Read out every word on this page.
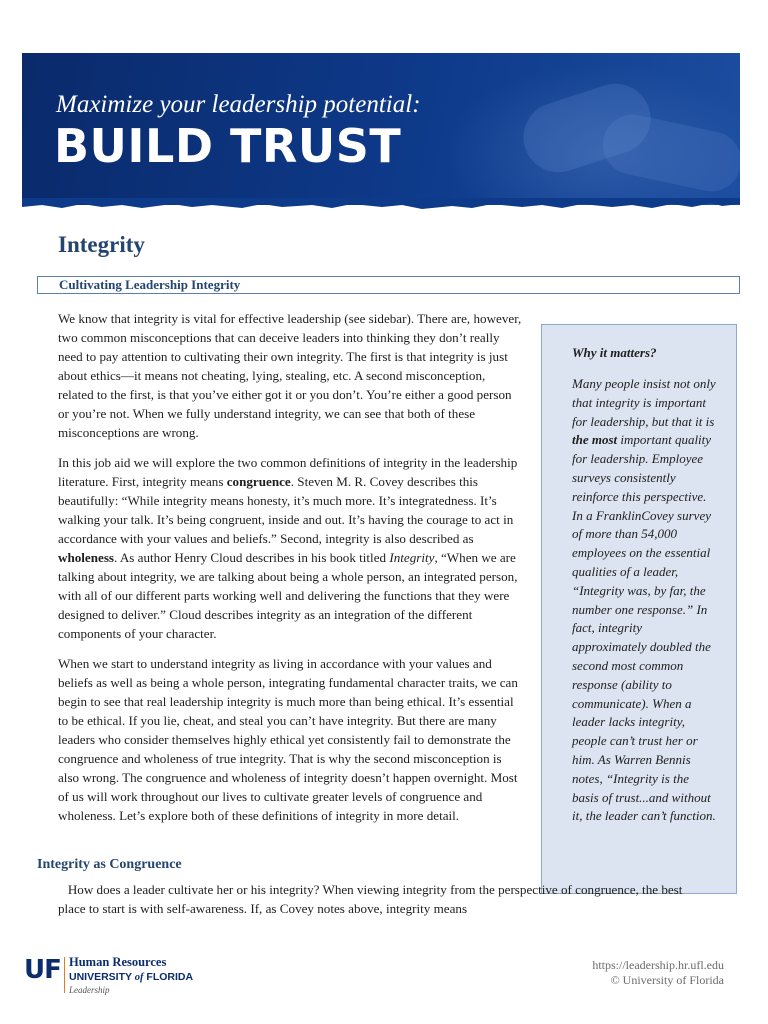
Maximize your leadership potential:
BUILD TRUST
Integrity
Cultivating Leadership Integrity

We know that integrity is vital for effective leadership (see sidebar). There are, however, two common misconceptions that can deceive leaders into thinking they don’t really need to pay attention to cultivating their own integrity. The first is that integrity is just about ethics—it means not cheating, lying, stealing, etc. A second misconception, related to the first, is that you’ve either got it or you don’t. You’re either a good person or you’re not. When we fully understand integrity, we can see that both of these misconceptions are wrong.

In this job aid we will explore the two common definitions of integrity in the leadership literature. First, integrity means congruence. Steven M. R. Covey describes this beautifully: “While integrity means honesty, it’s much more. It’s integratedness. It’s walking your talk. It’s being congruent, inside and out. It’s having the courage to act in accordance with your values and beliefs.” Second, integrity is also described as wholeness. As author Henry Cloud describes in his book titled Integrity, “When we are talking about integrity, we are talking about being a whole person, an integrated person, with all of our different parts working well and delivering the functions that they were designed to deliver.” Cloud describes integrity as an integration of the different components of your character.

When we start to understand integrity as living in accordance with your values and beliefs as well as being a whole person, integrating fundamental character traits, we can begin to see that real leadership integrity is much more than being ethical. It’s essential to be ethical. If you lie, cheat, and steal you can’t have integrity. But there are many leaders who consider themselves highly ethical yet consistently fail to demonstrate the congruence and wholeness of true integrity. That is why the second misconception is also wrong. The congruence and wholeness of integrity doesn’t happen overnight. Most of us will work throughout our lives to cultivate greater levels of congruence and wholeness. Let’s explore both of these definitions of integrity in more detail.

Why it matters?
Many people insist not only that integrity is important for leadership, but that it is the most important quality for leadership. Employee surveys consistently reinforce this perspective. In a FranklinCovey survey of more than 54,000 employees on the essential qualities of a leader, “Integrity was, by far, the number one response.” In fact, integrity approximately doubled the second most common response (ability to communicate). When a leader lacks integrity, people can’t trust her or him. As Warren Bennis notes, “Integrity is the basis of trust...and without it, the leader can’t function.
Integrity as Congruence
How does a leader cultivate her or his integrity? When viewing integrity from the perspective of congruence, the best place to start is with self-awareness. If, as Covey notes above, integrity means
UF Human Resources
UNIVERSITY of FLORIDA
Leadership
https://leadership.hr.ufl.edu
© University of Florida
